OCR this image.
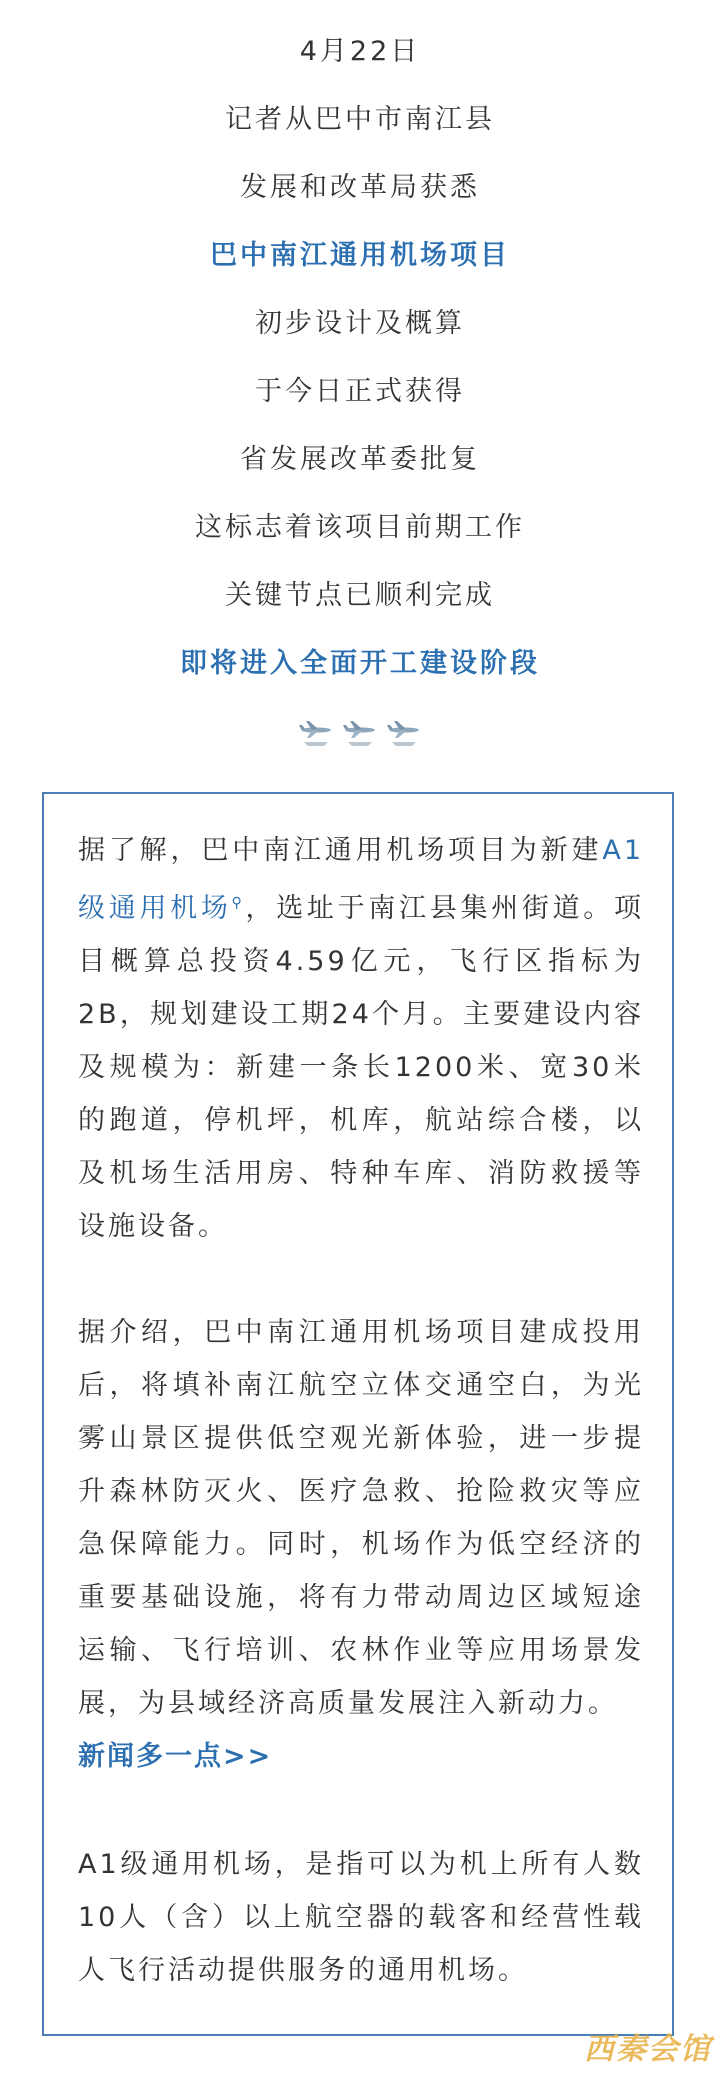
4月22日
记者从巴中市南江县
发展和改革局获悉
巴中南江通用机场项目
初步设计及概算
于今日正式获得
省发展改革委批复
这标志着该项目前期工作
关键节点已顺利完成
即将进入全面开工建设阶段

据了解，巴中南江通用机场项目为新建A1级通用机场⚲，选址于南江县集州街道。项目概算总投资4.59亿元，飞行区指标为2B，规划建设工期24个月。主要建设内容及规模为：新建一条长1200米、宽30米的跑道，停机坪，机库，航站综合楼，以及机场生活用房、特种车库、消防救援等设施设备。

据介绍，巴中南江通用机场项目建成投用后，将填补南江航空立体交通空白，为光雾山景区提供低空观光新体验，进一步提升森林防灭火、医疗急救、抢险救灾等应急保障能力。同时，机场作为低空经济的重要基础设施，将有力带动周边区域短途运输、飞行培训、农林作业等应用场景发展，为县域经济高质量发展注入新动力。

新闻多一点>>

A1级通用机场，是指可以为机上所有人数10人（含）以上航空器的载客和经营性载人飞行活动提供服务的通用机场。

西秦会馆
